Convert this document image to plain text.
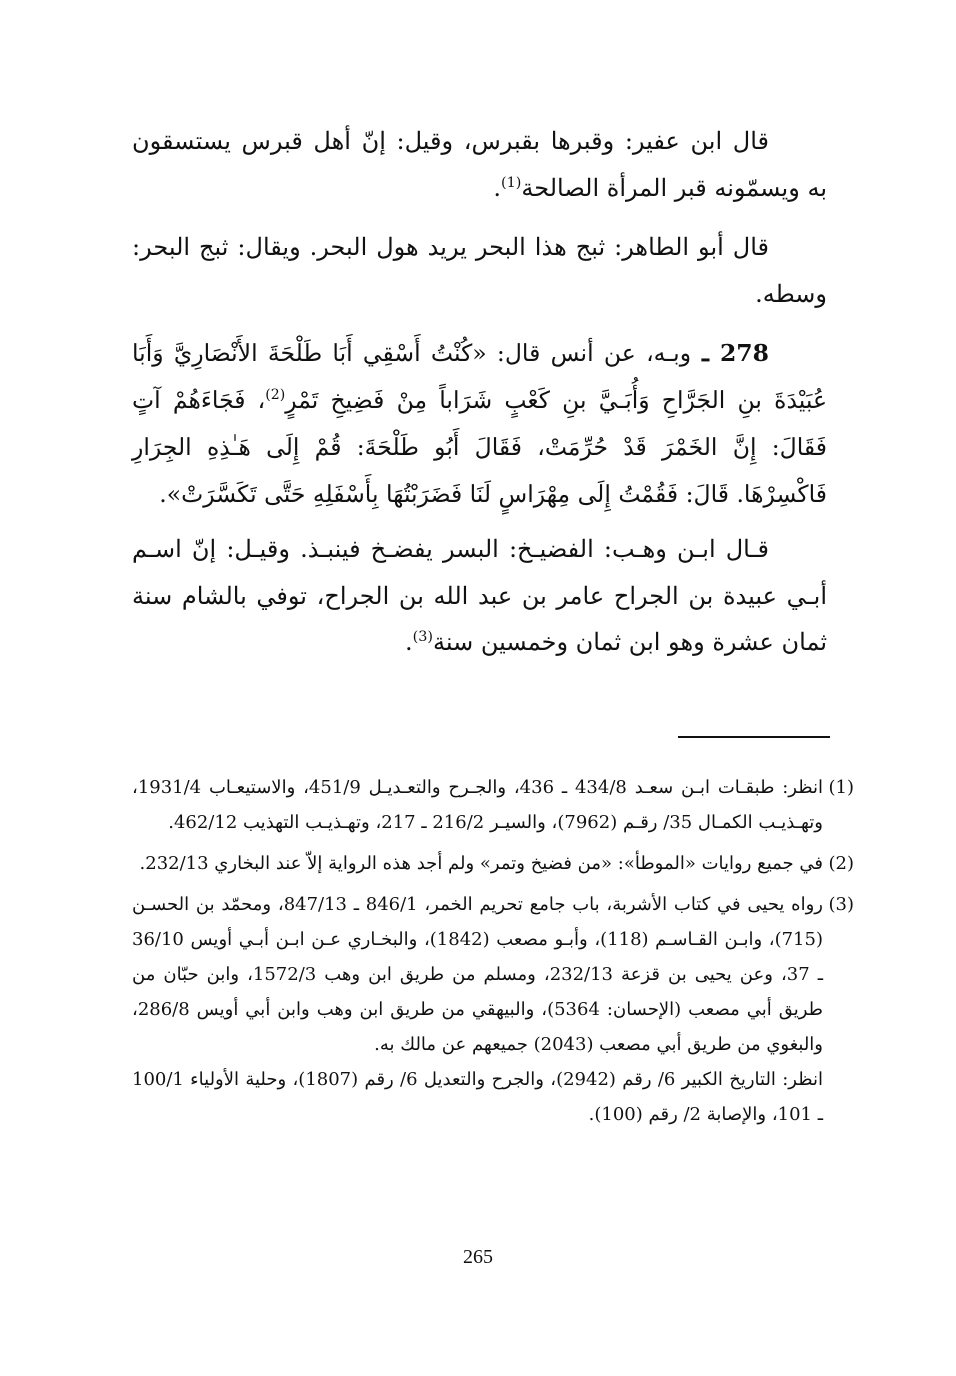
قال ابن عفير: وقبرها بقبرس، وقيل: إنّ أهل قبرس يستسقون به ويسمّونه قبر المرأة الصالحة$^{(1)}$.

قال أبو الطاهر: ثبج هذا البحر يريد هول البحر. ويقال: ثبج البحر: وسطه.

278 ـ وبـه، عن أنس قال: «كُنْتُ أَسْقِي أَبَا طَلْحَةَ الأَنْصَارِيَّ وَأَبَا عُبَيْدَةَ بنِ الجَرَّاحِ وَأُبَـيَّ بنِ كَعْبٍ شَرَاباً مِنْ فَضِيخِ تَمْرٍ$^{(2)}$، فَجَاءَهُمْ آتٍ فَقَالَ: إِنَّ الخَمْرَ قَدْ حُرِّمَتْ، فَقَالَ أَبُو طَلْحَةَ: قُمْ إِلَى هَـٰذِهِ الجِرَارِ فَاكْسِرْهَا. قَالَ: فَقُمْتُ إِلَى مِهْرَاسٍ لَنَا فَضَرَبْتُهَا بِأَسْفَلِهِ حَتَّى تَكَسَّرَتْ».

قـال ابـن وهـب: الفضيـخ: البسر يفضـخ فينبـذ. وقيـل: إنّ اسـم أبـي عبيدة بن الجراح عامر بن عبد الله بن الجراح، توفي بالشام سنة ثمان عشرة وهو ابن ثمان وخمسين سنة$^{(3)}$.

(1)
انظر: طبقـات ابـن سعـد 434/8 ـ 436، والجـرح والتعـديـل 451/9، والاستيعـاب 1931/4، وتهـذيـب الكمـال 35/ رقـم (7962)، والسيـر 216/2 ـ 217، وتهـذيـب التهذيب 462/12.
(2)
في جميع روايات «الموطأ»: «من فضيخ وتمر» ولم أجد هذه الرواية إلاّ عند البخاري 232/13.
(3)
رواه يحيى في كتاب الأشربة، باب جامع تحريم الخمر، 846/1 ـ 847/13، ومحمّد بن الحسـن (715)، وابـن القـاسـم (118)، وأبـو مصعب (1842)، والبخـاري عـن ابـن أبـي أويس 36/10 ـ 37، وعن يحيى بن قزعة 232/13، ومسلم من طريق ابن وهب 1572/3، وابن حبّان من طريق أبي مصعب (الإحسان: 5364)، والبيهقي من طريق ابن وهب وابن أبي أويس 286/8، والبغوي من طريق أبي مصعب (2043) جميعهم عن مالك به.
انظر: التاريخ الكبير 6/ رقم (2942)، والجرح والتعديل 6/ رقم (1807)، وحلية الأولياء 100/1 ـ 101، والإصابة 2/ رقم (100).
265
